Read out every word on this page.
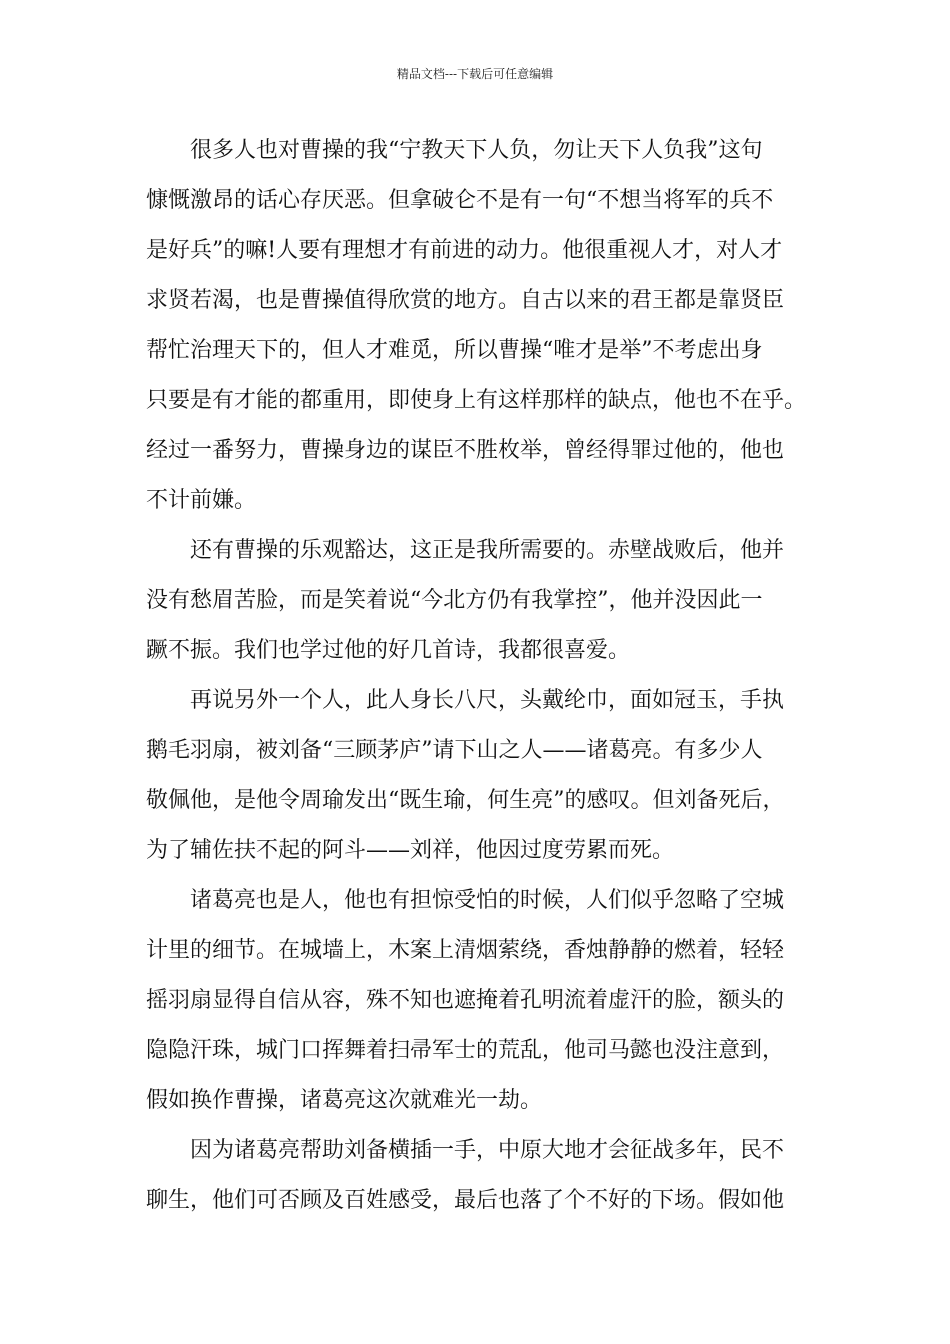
精品文档---下载后可任意编辑
很多人也对曹操的我“宁教天下人负，勿让天下人负我”这句
慷慨激昂的话心存厌恶。但拿破仑不是有一句“不想当将军的兵不
是好兵”的嘛!人要有理想才有前进的动力。他很重视人才，对人才
求贤若渴，也是曹操值得欣赏的地方。自古以来的君王都是靠贤臣
帮忙治理天下的，但人才难觅，所以曹操“唯才是举”不考虑出身
只要是有才能的都重用，即使身上有这样那样的缺点，他也不在乎。
经过一番努力，曹操身边的谋臣不胜枚举，曾经得罪过他的，他也
不计前嫌。
还有曹操的乐观豁达，这正是我所需要的。赤壁战败后，他并
没有愁眉苦脸，而是笑着说“今北方仍有我掌控”，他并没因此一
蹶不振。我们也学过他的好几首诗，我都很喜爱。
再说另外一个人，此人身长八尺，头戴纶巾，面如冠玉，手执
鹅毛羽扇，被刘备“三顾茅庐”请下山之人——诸葛亮。有多少人
敬佩他，是他令周瑜发出“既生瑜，何生亮”的感叹。但刘备死后，
为了辅佐扶不起的阿斗——刘祥，他因过度劳累而死。
诸葛亮也是人，他也有担惊受怕的时候，人们似乎忽略了空城
计里的细节。在城墙上，木案上清烟萦绕，香烛静静的燃着，轻轻
摇羽扇显得自信从容，殊不知也遮掩着孔明流着虚汗的脸，额头的
隐隐汗珠，城门口挥舞着扫帚军士的荒乱，他司马懿也没注意到，
假如换作曹操，诸葛亮这次就难光一劫。
因为诸葛亮帮助刘备横插一手，中原大地才会征战多年，民不
聊生，他们可否顾及百姓感受，最后也落了个不好的下场。假如他
